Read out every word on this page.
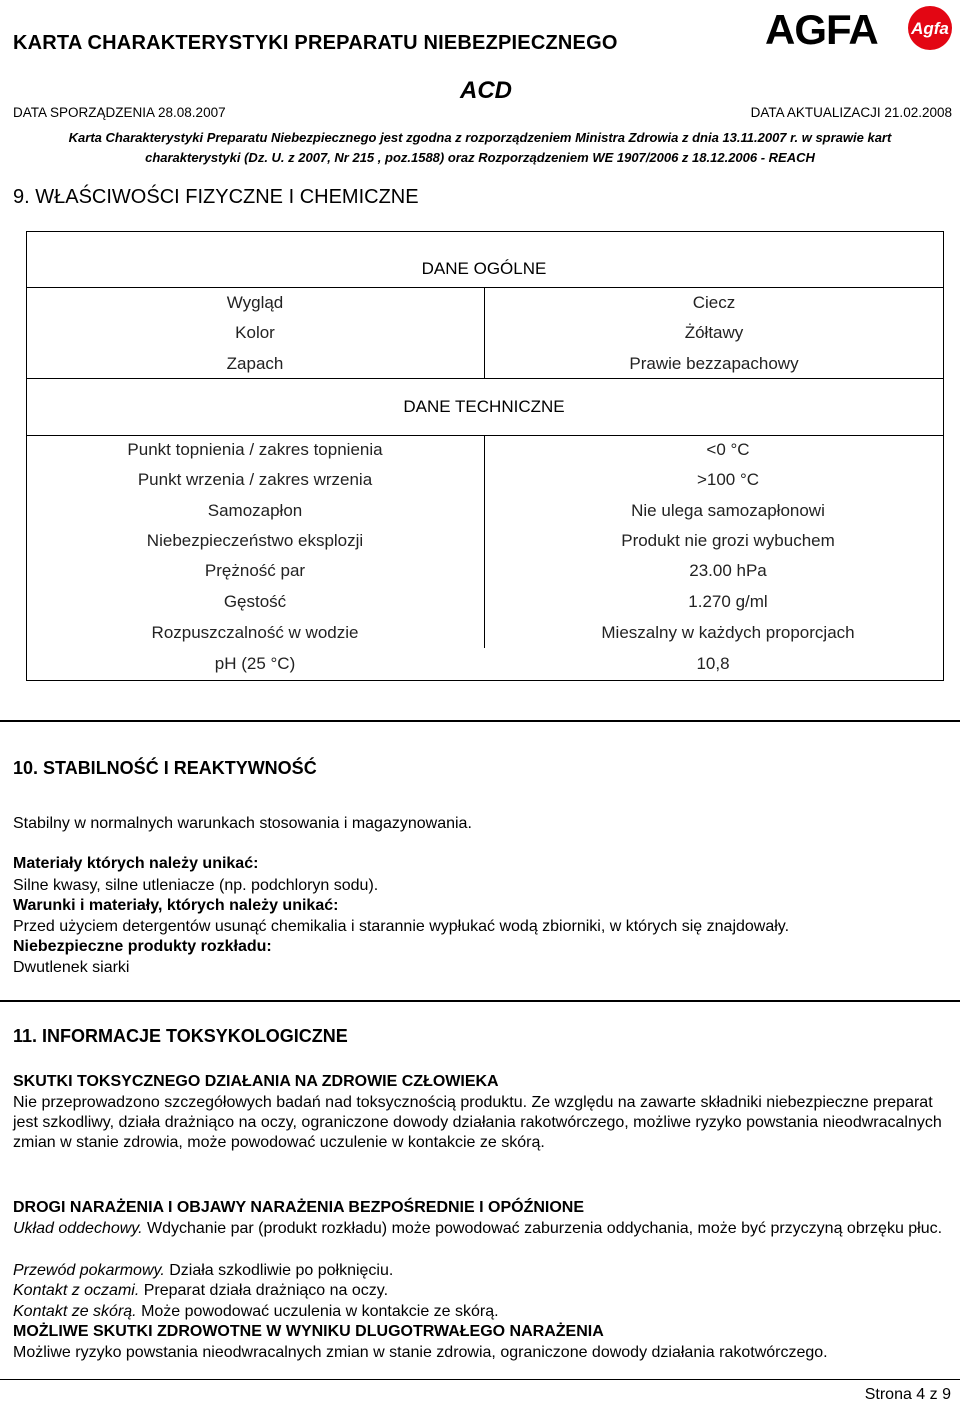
KARTA CHARAKTERYSTYKI PREPARATU NIEBEZPIECZNEGO	AGFA Agfa
ACD
DATA SPORZĄDZENIA 28.08.2007	DATA AKTUALIZACJI 21.02.2008
Karta Charakterystyki Preparatu Niebezpiecznego jest zgodna z rozporządzeniem Ministra Zdrowia z dnia 13.11.2007 r. w sprawie kart
charakterystyki (Dz. U. z 2007, Nr 215 , poz.1588) oraz Rozporządzeniem WE 1907/2006 z 18.12.2006 - REACH
9. WŁAŚCIWOŚCI FIZYCZNE I CHEMICZNE
DANE OGÓLNE
Wygląd	Ciecz
Kolor	Żółtawy
Zapach	Prawie bezzapachowy
DANE TECHNICZNE
Punkt topnienia / zakres topnienia	<0 °C
Punkt wrzenia / zakres wrzenia	>100 °C
Samozapłon	Nie ulega samozapłonowi
Niebezpieczeństwo eksplozji	Produkt nie grozi wybuchem
Prężność par	23.00 hPa
Gęstość	1.270 g/ml
Rozpuszczalność w wodzie	Mieszalny w każdych proporcjach
pH (25 °C)	10,8
10. STABILNOŚĆ I REAKTYWNOŚĆ
Stabilny w normalnych warunkach stosowania i magazynowania.
Materiały których należy unikać:
Silne kwasy, silne utleniacze (np. podchloryn sodu).
Warunki i materiały, których należy unikać:
Przed użyciem detergentów usunąć chemikalia i starannie wypłukać wodą zbiorniki, w których się znajdowały.
Niebezpieczne produkty rozkładu:
Dwutlenek siarki
11. INFORMACJE TOKSYKOLOGICZNE
SKUTKI TOKSYCZNEGO DZIAŁANIA NA ZDROWIE CZŁOWIEKA
Nie przeprowadzono szczegółowych badań nad toksycznością produktu. Ze względu na zawarte składniki niebezpieczne preparat jest szkodliwy, działa drażniąco na oczy, ograniczone dowody działania rakotwórczego, możliwe ryzyko powstania nieodwracalnych zmian w stanie zdrowia, może powodować uczulenie w kontakcie ze skórą.
DROGI NARAŻENIA I OBJAWY NARAŻENIA BEZPOŚREDNIE I OPÓŹNIONE
Układ oddechowy. Wdychanie par (produkt rozkładu) może powodować zaburzenia oddychania, może być przyczyną obrzęku płuc.
Przewód pokarmowy. Działa szkodliwie po połknięciu.
Kontakt z oczami. Preparat działa drażniąco na oczy.
Kontakt ze skórą. Może powodować uczulenia w kontakcie ze skórą.
MOŻLIWE SKUTKI ZDROWOTNE W WYNIKU DLUGOTRWAŁEGO NARAŻENIA
Możliwe ryzyko powstania nieodwracalnych zmian w stanie zdrowia, ograniczone dowody działania rakotwórczego.
Strona 4 z 9
